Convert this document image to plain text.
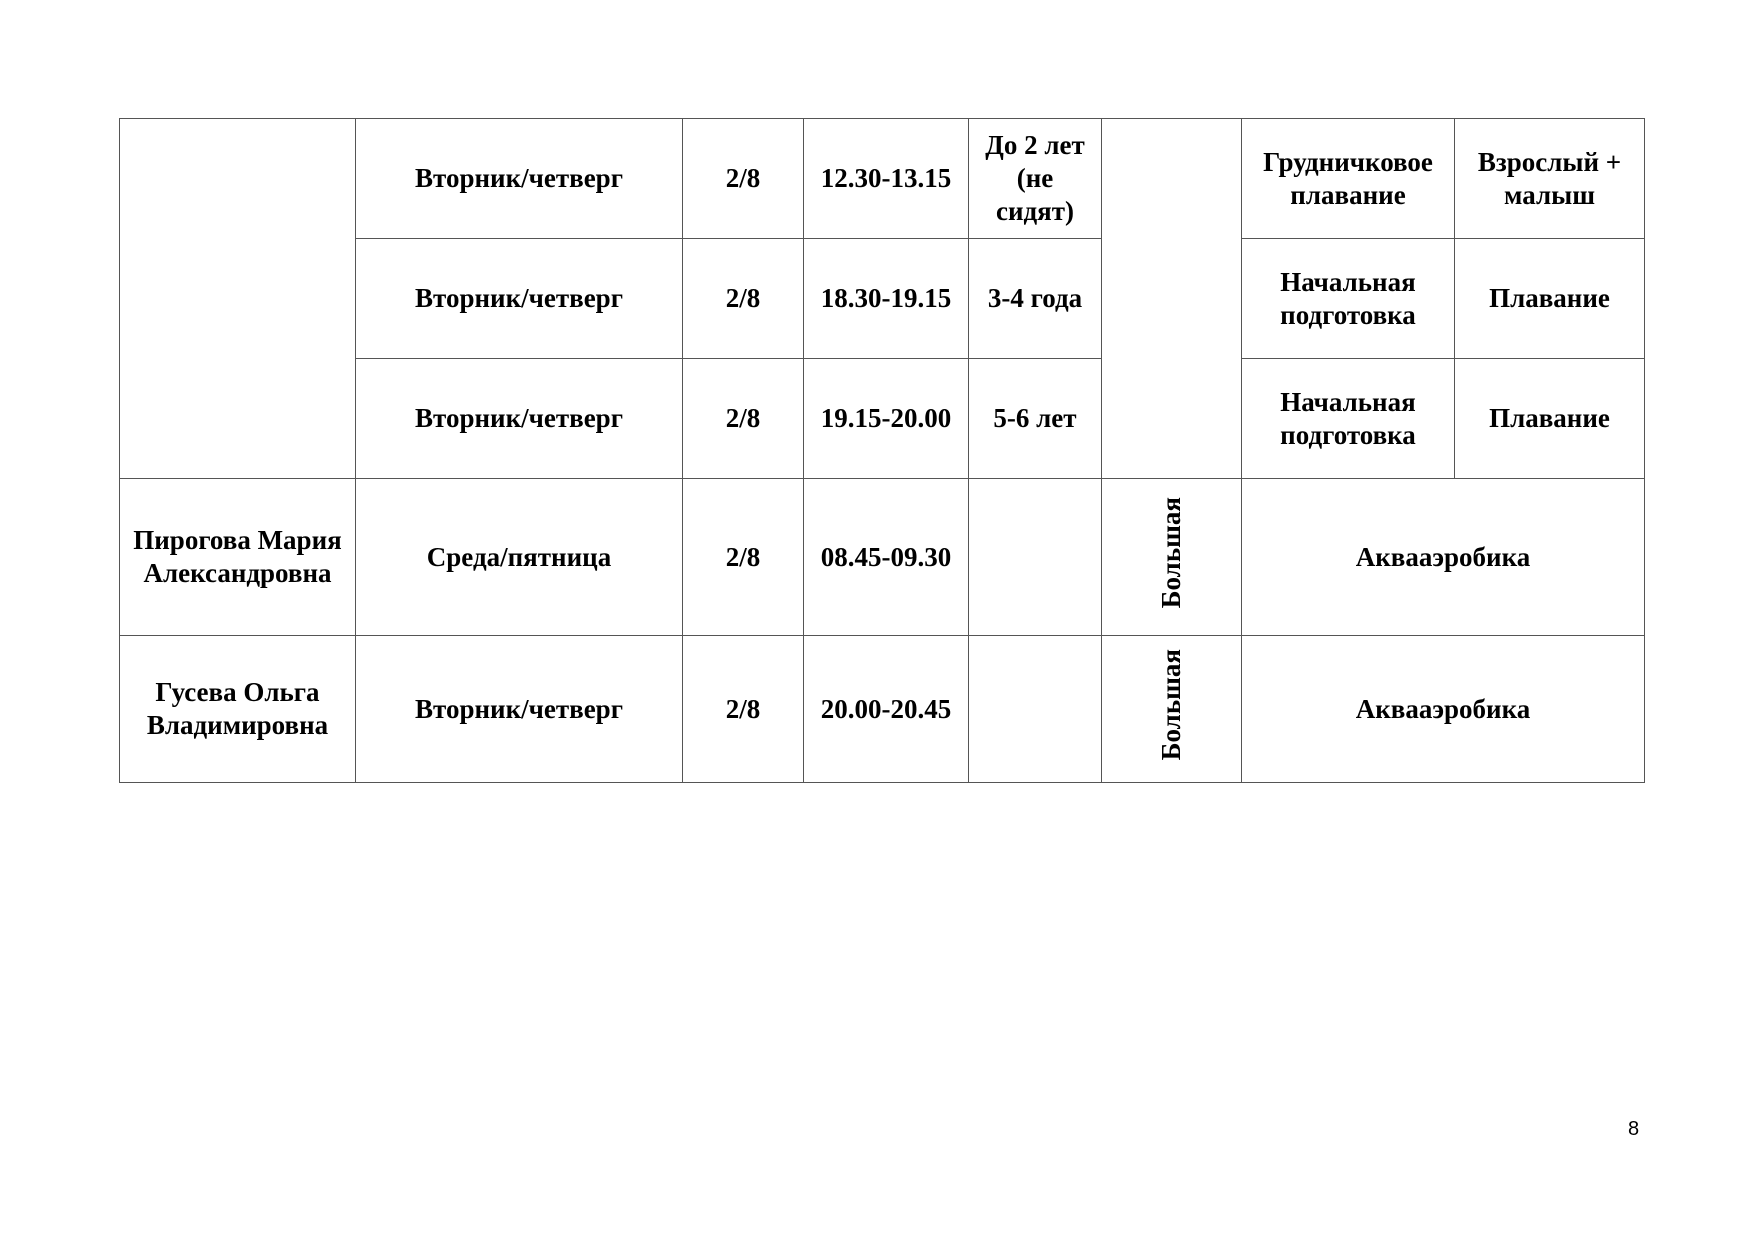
	Вторник/четверг	2/8	12.30-13.15	До 2 лет (не сидят)		Грудничковое плавание	Взрослый + малыш
	Вторник/четверг	2/8	18.30-19.15	3-4 года		Начальная подготовка	Плавание
	Вторник/четверг	2/8	19.15-20.00	5-6 лет		Начальная подготовка	Плавание
Пирогова Мария Александровна	Среда/пятница	2/8	08.45-09.30		Большая	Аквааэробика	
Гусева Ольга Владимировна	Вторник/четверг	2/8	20.00-20.45		Большая	Аквааэробика	
8
